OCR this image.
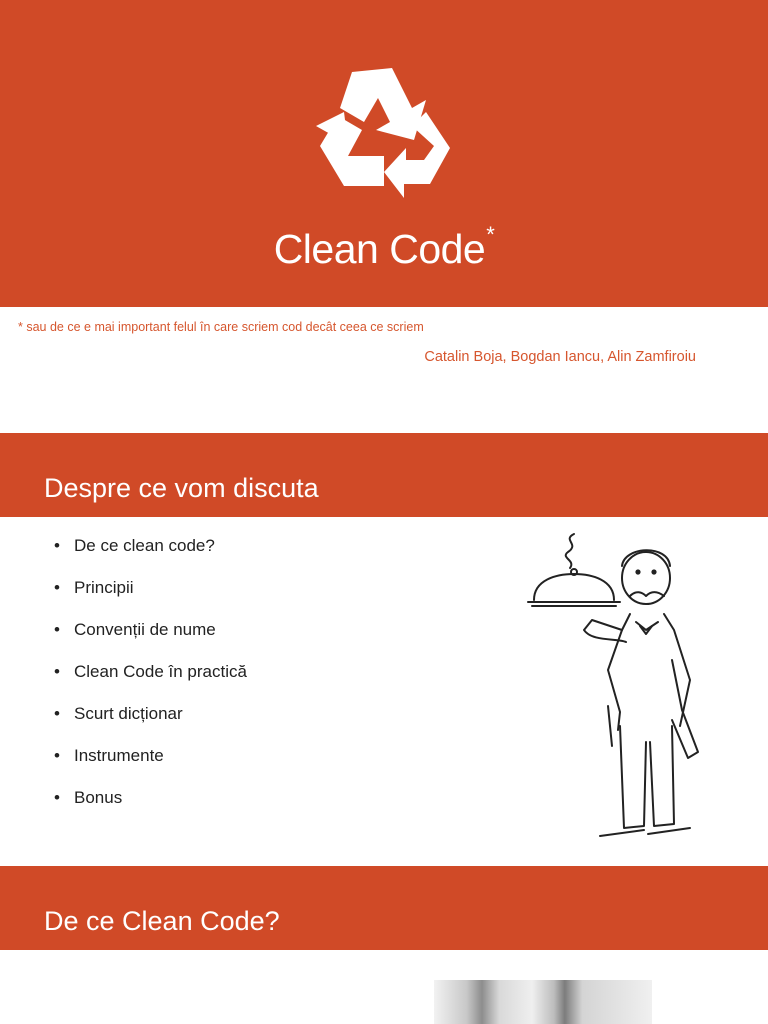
Clean Code*
* sau de ce e mai important felul în care scriem cod decât ceea ce scriem
Catalin Boja, Bogdan Iancu, Alin Zamfiroiu
Despre ce vom discuta
• De ce clean code?
• Principii
• Convenții de nume
• Clean Code în practică
• Scurt dicționar
• Instrumente
• Bonus
De ce Clean Code?
